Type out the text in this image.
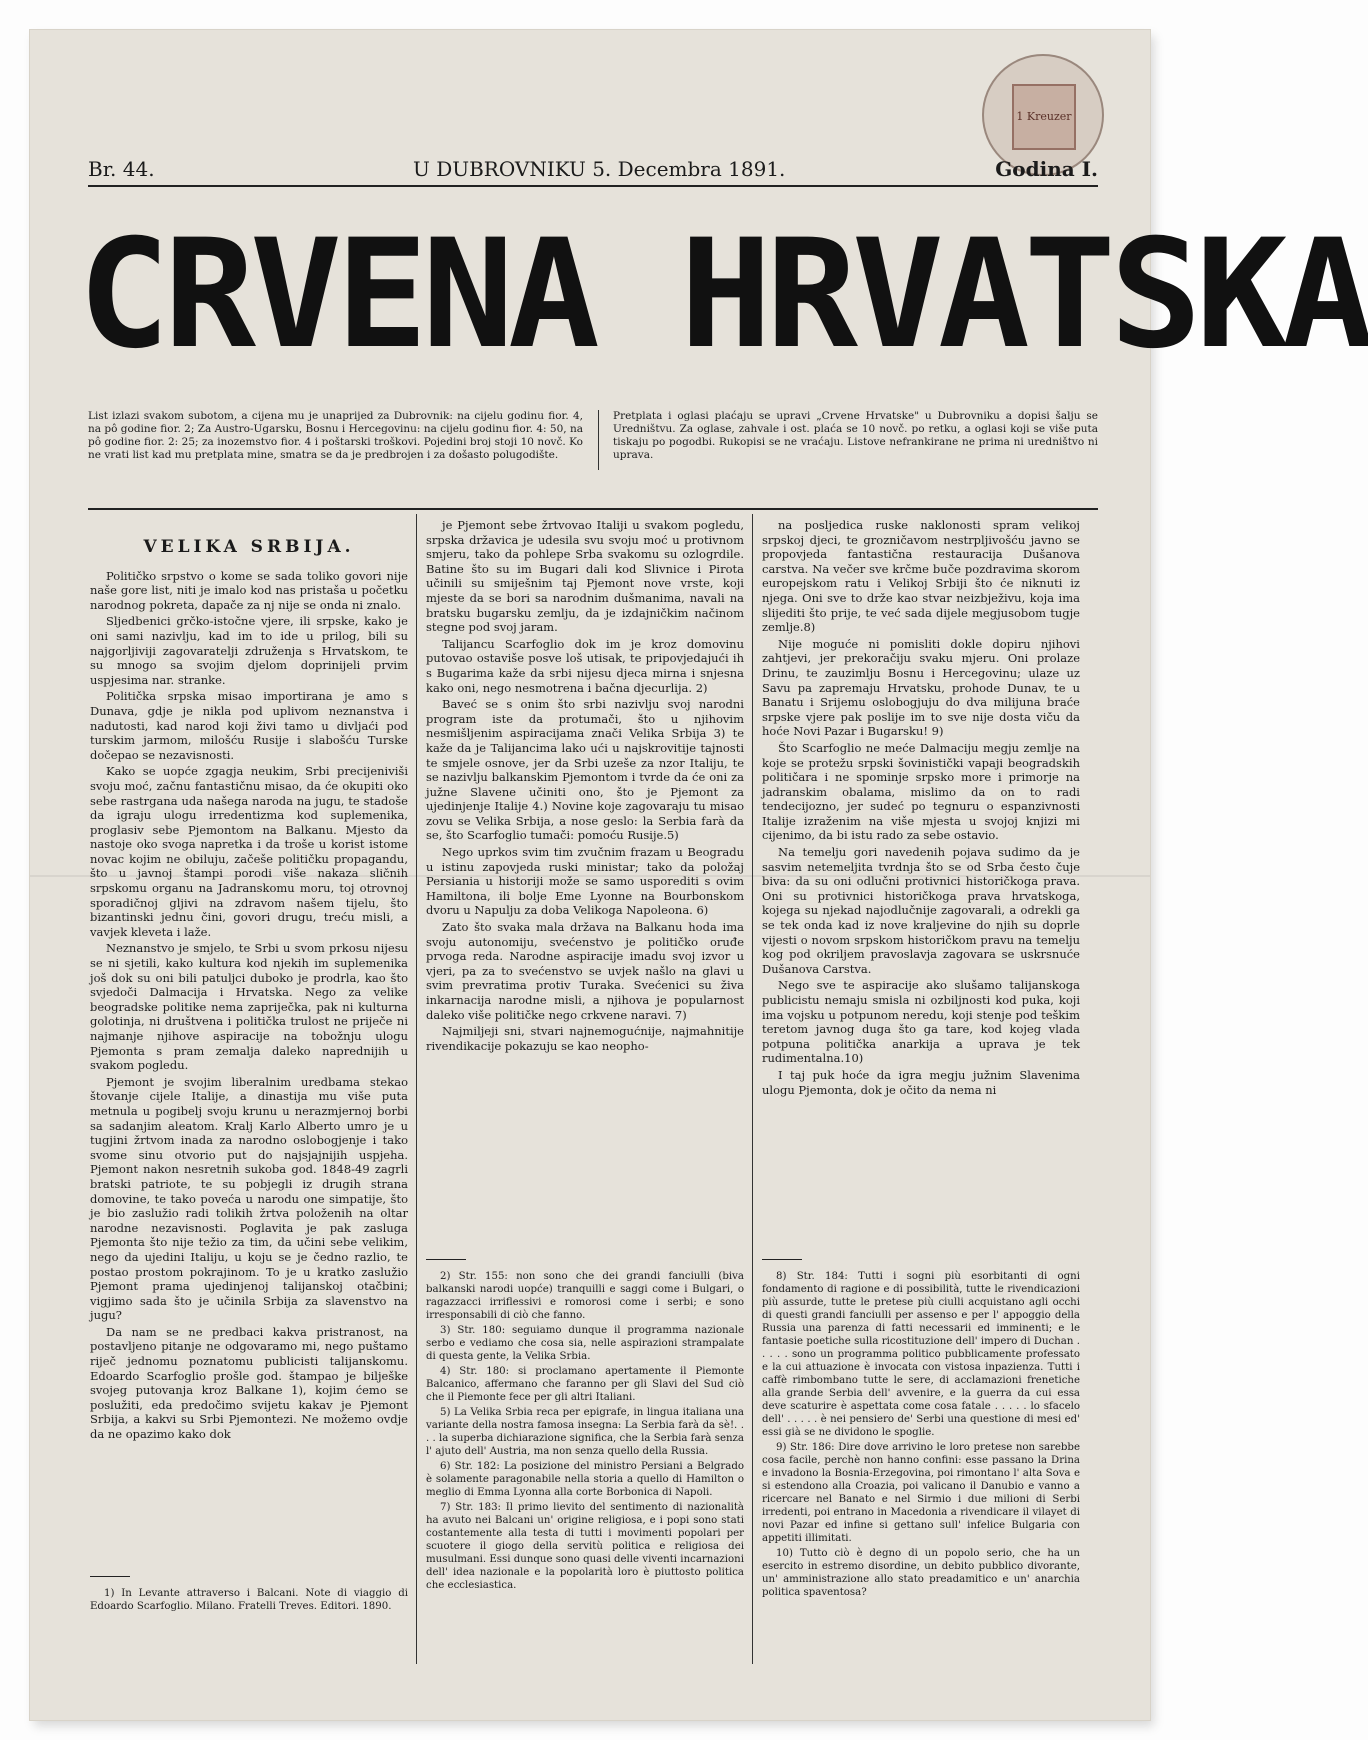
1 Kreuzer
Br. 44.	U DUBROVNIKU 5. Decembra 1891.	Godina I.
CRVENA HRVATSKA
List izlazi svakom subotom, a cijena mu je unaprijed za Dubrovnik: na cijelu godinu fior. 4, na pô godine fior. 2; Za Austro-Ugarsku, Bosnu i Hercegovinu: na cijelu godinu fior. 4: 50, na pô godine fior. 2: 25; za inozemstvo fior. 4 i poštarski troškovi. Pojedini broj stoji 10 novč. Ko ne vrati list kad mu pretplata mine, smatra se da je predbrojen i za došasto polugodište.
Pretplata i oglasi plaćaju se upravi „Crvene Hrvatske" u Dubrovniku a dopisi šalju se Uredništvu. Za oglase, zahvale i ost. plaća se 10 novč. po retku, a oglasi koji se više puta tiskaju po pogodbi. Rukopisi se ne vraćaju. Listove nefrankirane ne prima ni uredništvo ni uprava.
VELIKA SRBIJA.

Političko srpstvo o kome se sada toliko govori nije naše gore list, niti je imalo kod nas pristaša u početku narodnog pokreta, dapače za nj nije se onda ni znalo.

Sljedbenici grčko-istočne vjere, ili srpske, kako je oni sami nazivlju, kad im to ide u prilog, bili su najgorljiviji zagovaratelji združenja s Hrvatskom, te su mnogo sa svojim djelom doprinijeli prvim uspjesima nar. stranke.

Politička srpska misao importirana je amo s Dunava, gdje je nikla pod uplivom neznanstva i nadutosti, kad narod koji živi tamo u divljaći pod turskim jarmom, milošću Rusije i slabošću Turske dočepao se nezavisnosti.

Kako se uopće zgagja neukim, Srbi precijeniviši svoju moć, začnu fantastičnu misao, da će okupiti oko sebe rastrgana uda našega naroda na jugu, te stadoše da igraju ulogu irredentizma kod suplemenika, proglasiv sebe Pjemontom na Balkanu. Mjesto da nastoje oko svoga napretka i da troše u korist istome novac kojim ne obiluju, začeše političku propagandu, što u javnoj štampi porodi više nakaza sličnih srpskomu organu na Jadranskomu moru, toj otrovnoj sporadičnoj gljivi na zdravom našem tijelu, što bizantinski jednu čini, govori drugu, treću misli, a vavjek kleveta i laže.

Neznanstvo je smjelo, te Srbi u svom prkosu nijesu se ni sjetili, kako kultura kod njekih im suplemenika još dok su oni bili patuljci duboko je prodrla, kao što svjedoči Dalmacija i Hrvatska. Nego za velike beogradske politike nema zapriječka, pak ni kulturna golotinja, ni društvena i politička trulost ne priječe ni najmanje njihove aspiracije na tobožnju ulogu Pjemonta s pram zemalja daleko naprednijih u svakom pogledu.

Pjemont je svojim liberalnim uredbama stekao štovanje cijele Italije, a dinastija mu više puta metnula u pogibelj svoju krunu u nerazmjernoj borbi sa sadanjim aleatom. Kralj Karlo Alberto umro je u tugjini žrtvom inada za narodno oslobogjenje i tako svome sinu otvorio put do najsjajnijih uspjeha. Pjemont nakon nesretnih sukoba god. 1848-49 zagrli bratski patriote, te su pobjegli iz drugih strana domovine, te tako poveća u narodu one simpatije, što je bio zaslužio radi tolikih žrtva položenih na oltar narodne nezavisnosti. Poglavita je pak zasluga Pjemonta što nije težio za tim, da učini sebe velikim, nego da ujedini Italiju, u koju se je čedno razlio, te postao prostom pokrajinom. To je u kratko zaslužio Pjemont prama ujedinjenoj talijanskoj otačbini; vigjimo sada što je učinila Srbija za slavenstvo na jugu?

Da nam se ne predbaci kakva pristranost, na postavljeno pitanje ne odgovaramo mi, nego puštamo riječ jednomu poznatomu publicisti talijanskomu. Edoardo Scarfoglio prošle god. štampao je bilješke svojeg putovanja kroz Balkane 1), kojim ćemo se poslužiti, eda predočimo svijetu kakav je Pjemont Srbija, a kakvi su Srbi Pjemontezi. Ne možemo ovdje da ne opazimo kako dok

je Pjemont sebe žrtvovao Italiji u svakom pogledu, srpska državica je udesila svu svoju moć u protivnom smjeru, tako da pohlepe Srba svakomu su ozlogrdile. Batine što su im Bugari dali kod Slivnice i Pirota učinili su smiješnim taj Pjemont nove vrste, koji mjeste da se bori sa narodnim dušmanima, navali na bratsku bugarsku zemlju, da je izdajničkim načinom stegne pod svoj jaram.

Talijancu Scarfoglio dok im je kroz domovinu putovao ostaviše posve loš utisak, te pripovjedajući ih s Bugarima kaže da srbi nijesu djeca mirna i snjesna kako oni, nego nesmotrena i bačna djecurlija. 2)

Baveć se s onim što srbi nazivlju svoj narodni program iste da protumači, što u njihovim nesmišljenim aspiracijama znači Velika Srbija 3) te kaže da je Talijancima lako ući u najskrovitije tajnosti te smjele osnove, jer da Srbi uzeše za nzor Italiju, te se nazivlju balkanskim Pjemontom i tvrde da će oni za južne Slavene učiniti ono, što je Pjemont za ujedinjenje Italije 4.) Novine koje zagovaraju tu misao zovu se Velika Srbija, a nose geslo: la Serbia farà da se, što Scarfoglio tumači: pomoću Rusije.5)

Nego uprkos svim tim zvučnim frazam u Beogradu u istinu zapovjeda ruski ministar; tako da položaj Persiania u historiji može se samo usporediti s ovim Hamiltona, ili bolje Eme Lyonne na Bourbonskom dvoru u Napulju za doba Velikoga Napoleona. 6)

Zato što svaka mala država na Balkanu hoda ima svoju autonomiju, svećenstvo je političko oruđe prvoga reda. Narodne aspiracije imadu svoj izvor u vjeri, pa za to svećenstvo se uvjek našlo na glavi u svim prevratima protiv Turaka. Svećenici su živa inkarnacija narodne misli, a njihova je popularnost daleko više političke nego crkvene naravi. 7)

Najmiljeji sni, stvari najnemogućnije, najmahnitije rivendikacije pokazuju se kao neopho-

na posljedica ruske naklonosti spram velikoj srpskoj djeci, te grozničavom nestrpljivošću javno se propovjeda fantastična restauracija Dušanova carstva. Na večer sve krčme buče pozdravima skorom europejskom ratu i Velikoj Srbiji što će niknuti iz njega. Oni sve to drže kao stvar neizbježivu, koja ima slijediti što prije, te već sada dijele megjusobom tugje zemlje.8)

Nije moguće ni pomisliti dokle dopiru njihovi zahtjevi, jer prekoračiju svaku mjeru. Oni prolaze Drinu, te zauzimlju Bosnu i Hercegovinu; ulaze uz Savu pa zapremaju Hrvatsku, prohode Dunav, te u Banatu i Srijemu oslobogjuju do dva milijuna braće srpske vjere pak poslije im to sve nije dosta viču da hoće Novi Pazar i Bugarsku! 9)

Što Scarfoglio ne meće Dalmaciju megju zemlje na koje se protežu srpski šovinistički vapaji beogradskih političara i ne spominje srpsko more i primorje na jadranskim obalama, mislimo da on to radi tendecijozno, jer sudeć po tegnuru o espanzivnosti Italije izraženim na više mjesta u svojoj knjizi mi cijenimo, da bi istu rado za sebe ostavio.

Na temelju gori navedenih pojava sudimo da je sasvim netemeljita tvrdnja što se od Srba često čuje biva: da su oni odlučni protivnici historičkoga prava. Oni su protivnici historičkoga prava hrvatskoga, kojega su njekad najodlučnije zagovarali, a odrekli ga se tek onda kad iz nove kraljevine do njih su doprle vijesti o novom srpskom historičkom pravu na temelju kog pod okriljem pravoslavja zagovara se uskrsnuće Dušanova Carstva.

Nego sve te aspiracije ako slušamo talijanskoga publicistu nemaju smisla ni ozbiljnosti kod puka, koji ima vojsku u potpunom neredu, koji stenje pod teškim teretom javnog duga što ga tare, kod kojeg vlada potpuna politička anarkija a uprava je tek rudimentalna.10)

I taj puk hoće da igra megju južnim Slavenima ulogu Pjemonta, dok je očito da nema ni

1) In Levante attraverso i Balcani. Note di viaggio di Edoardo Scarfoglio. Milano. Fratelli Treves. Editori. 1890.

2) Str. 155: non sono che dei grandi fanciulli (biva balkanski narodi uopće) tranquilli e saggi come i Bulgari, o ragazzacci irriflessivi e romorosi come i serbi; e sono irresponsabili di ciò che fanno.

3) Str. 180: seguiamo dunque il programma nazionale serbo e vediamo che cosa sia, nelle aspirazioni strampalate di questa gente, la Velika Srbia.

4) Str. 180: si proclamano apertamente il Piemonte Balcanico, affermano che faranno per gli Slavi del Sud ciò che il Piemonte fece per gli altri Italiani.

5) La Velika Srbia reca per epigrafe, in lingua italiana una variante della nostra famosa insegna: La Serbia farà da sè!. . . . la superba dichiarazione significa, che la Serbia farà senza l' ajuto dell' Austria, ma non senza quello della Russia.

6) Str. 182: La posizione del ministro Persiani a Belgrado è solamente paragonabile nella storia a quello di Hamilton o meglio di Emma Lyonna alla corte Borbonica di Napoli.

7) Str. 183: Il primo lievito del sentimento di nazionalità ha avuto nei Balcani un' origine religiosa, e i popi sono stati costantemente alla testa di tutti i movimenti popolari per scuotere il giogo della servitù politica e religiosa dei musulmani. Essi dunque sono quasi delle viventi incarnazioni dell' idea nazionale e la popolarità loro è piuttosto politica che ecclesiastica.

8) Str. 184: Tutti i sogni più esorbitanti di ogni fondamento di ragione e di possibilità, tutte le rivendicazioni più assurde, tutte le pretese più ciulli acquistano agli occhi di questi grandi fanciulli per assenso e per l' appoggio della Russia una parenza di fatti necessarii ed imminenti; e le fantasie poetiche sulla ricostituzione dell' impero di Duchan . . . . . sono un programma politico pubblicamente professato e la cui attuazione è invocata con vistosa inpazienza. Tutti i caffè rimbombano tutte le sere, di acclamazioni frenetiche alla grande Serbia dell' avvenire, e la guerra da cui essa deve scaturire è aspettata come cosa fatale . . . . . lo sfacelo dell' . . . . . è nei pensiero de' Serbi una questione di mesi ed' essi già se ne dividono le spoglie.

9) Str. 186: Dire dove arrivino le loro pretese non sarebbe cosa facile, perchè non hanno confini: esse passano la Drina e invadono la Bosnia-Erzegovina, poi rimontano l' alta Sova e si estendono alla Croazia, poi valicano il Danubio e vanno a ricercare nel Banato e nel Sirmio i due milioni di Serbi irredenti, poi entrano in Macedonia a rivendicare il vilayet di novi Pazar ed infine si gettano sull' infelice Bulgaria con appetiti illimitati.

10) Tutto ciò è degno di un popolo serio, che ha un esercito in estremo disordine, un debito pubblico divorante, un' amministrazione allo stato preadamitico e un' anarchia politica spaventosa?
